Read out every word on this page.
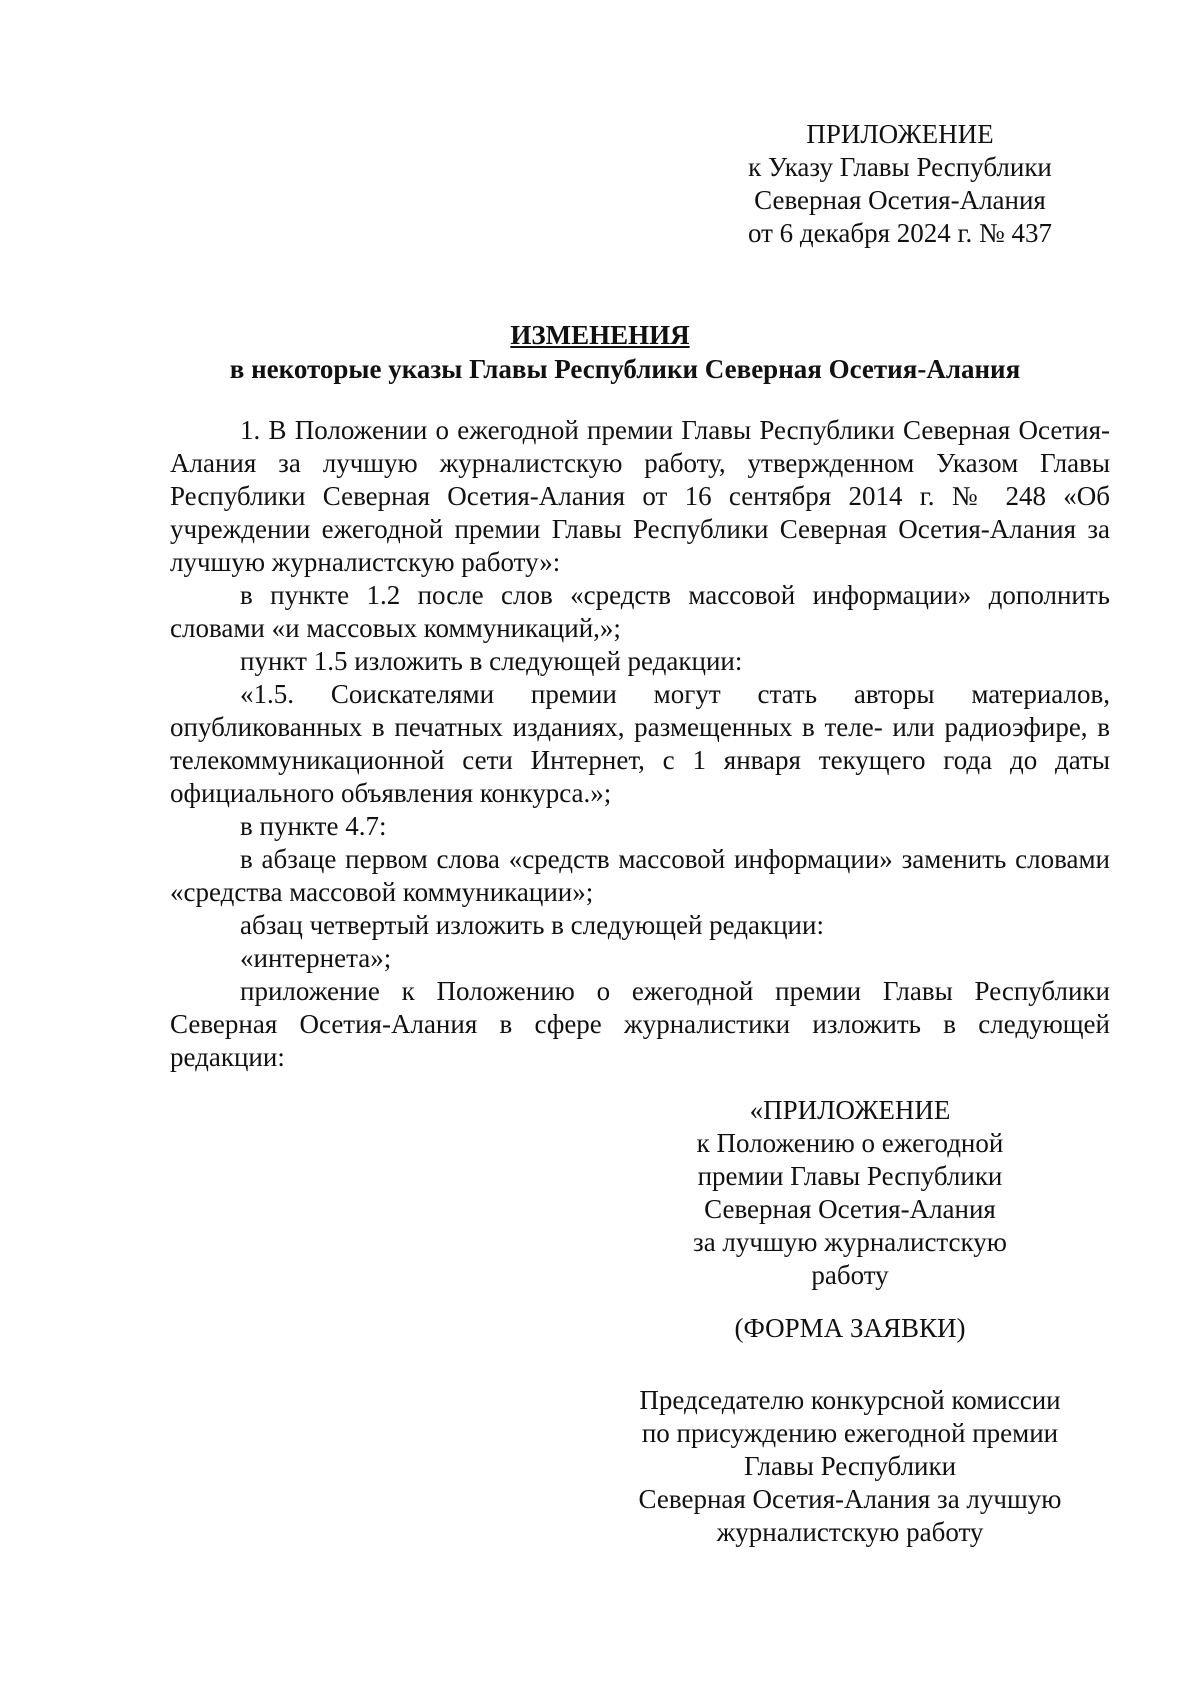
ПРИЛОЖЕНИЕ
к Указу Главы Республики
Северная Осетия-Алания
от 6 декабря 2024 г. № 437
ИЗМЕНЕНИЯ
в некоторые указы Главы Республики Северная Осетия-Алания

1. В Положении о ежегодной премии Главы Республики Северная Осетия-Алания за лучшую журналистскую работу, утвержденном Указом Главы Республики Северная Осетия-Алания от 16 сентября 2014 г. № 248 «Об учреждении ежегодной премии Главы Республики Северная Осетия-Алания за лучшую журналистскую работу»:

в пункте 1.2 после слов «средств массовой информации» дополнить словами «и массовых коммуникаций,»;

пункт 1.5 изложить в следующей редакции:

«1.5. Соискателями премии могут стать авторы материалов, опубликованных в печатных изданиях, размещенных в теле- или радиоэфире, в телекоммуникационной сети Интернет, с 1 января текущего года до даты официального объявления конкурса.»;

в пункте 4.7:

в абзаце первом слова «средств массовой информации» заменить словами «средства массовой коммуникации»;

абзац четвертый изложить в следующей редакции:

«интернета»;

приложение к Положению о ежегодной премии Главы Республики Северная Осетия-Алания в сфере журналистики изложить в следующей редакции:

«ПРИЛОЖЕНИЕ
к Положению о ежегодной
премии Главы Республики
Северная Осетия-Алания
за лучшую журналистскую
работу
(ФОРМА ЗАЯВКИ)
Председателю конкурсной комиссии
по присуждению ежегодной премии
Главы Республики
Северная Осетия-Алания за лучшую
журналистскую работу
